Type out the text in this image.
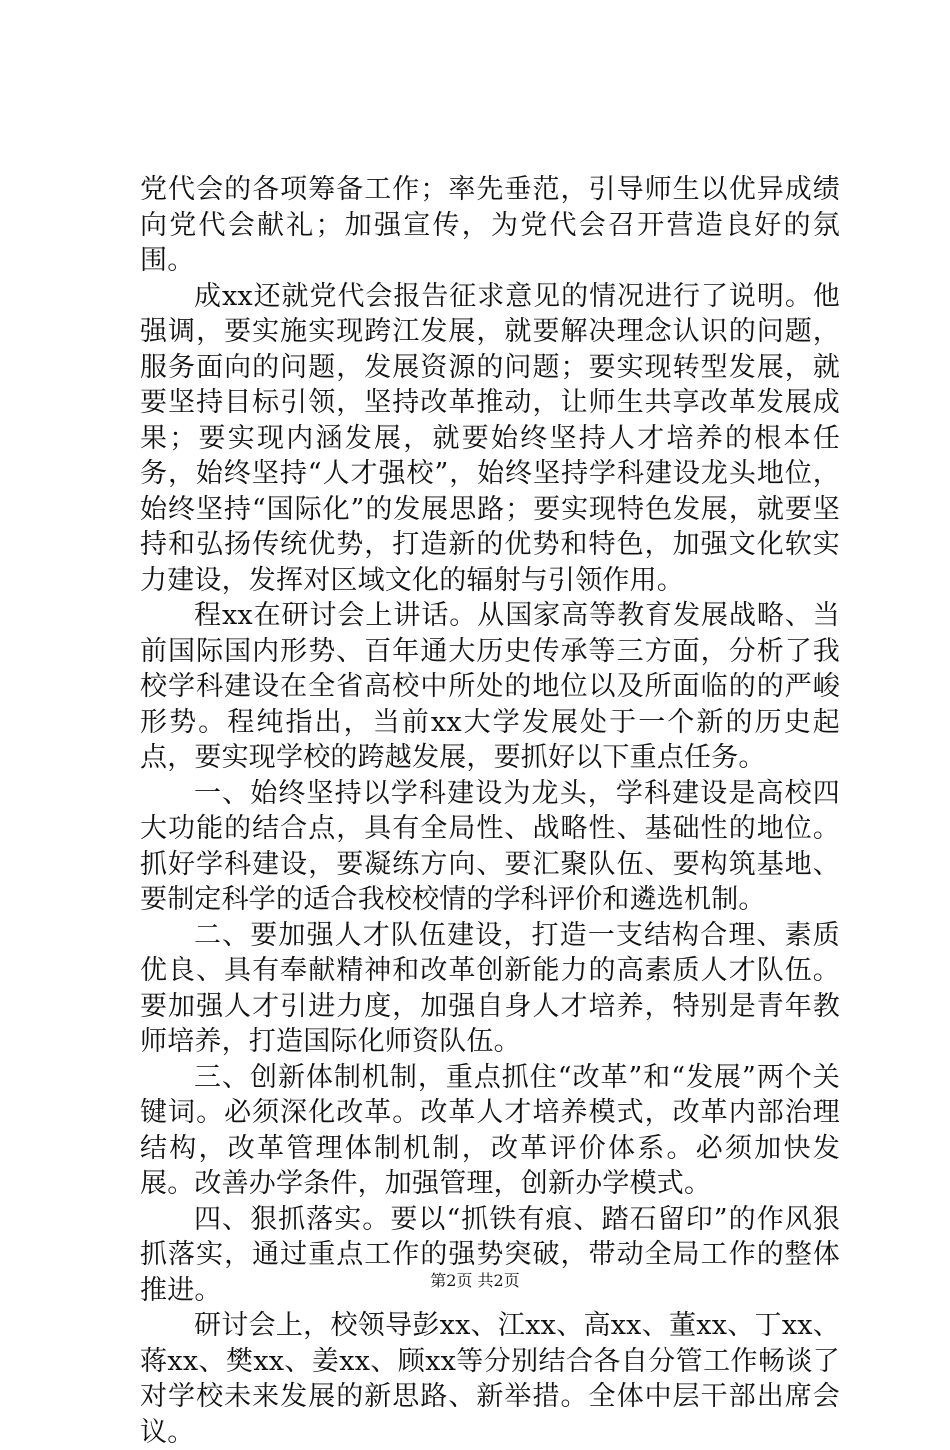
党代会的各项筹备工作；率先垂范，引导师生以优异成绩向党代会献礼；加强宣传，为党代会召开营造良好的氛围。

成xx还就党代会报告征求意见的情况进行了说明。他强调，要实施实现跨江发展，就要解决理念认识的问题，服务面向的问题，发展资源的问题；要实现转型发展，就要坚持目标引领，坚持改革推动，让师生共享改革发展成果；要实现内涵发展，就要始终坚持人才培养的根本任务，始终坚持“人才强校”，始终坚持学科建设龙头地位，始终坚持“国际化”的发展思路；要实现特色发展，就要坚持和弘扬传统优势，打造新的优势和特色，加强文化软实力建设，发挥对区域文化的辐射与引领作用。

程xx在研讨会上讲话。从国家高等教育发展战略、当前国际国内形势、百年通大历史传承等三方面，分析了我校学科建设在全省高校中所处的地位以及所面临的的严峻形势。程纯指出，当前xx大学发展处于一个新的历史起点，要实现学校的跨越发展，要抓好以下重点任务。

一、始终坚持以学科建设为龙头，学科建设是高校四大功能的结合点，具有全局性、战略性、基础性的地位。抓好学科建设，要凝练方向、要汇聚队伍、要构筑基地、要制定科学的适合我校校情的学科评价和遴选机制。

二、要加强人才队伍建设，打造一支结构合理、素质优良、具有奉献精神和改革创新能力的高素质人才队伍。要加强人才引进力度，加强自身人才培养，特别是青年教师培养，打造国际化师资队伍。

三、创新体制机制，重点抓住“改革”和“发展”两个关键词。必须深化改革。改革人才培养模式，改革内部治理结构，改革管理体制机制，改革评价体系。必须加快发展。改善办学条件，加强管理，创新办学模式。

四、狠抓落实。要以“抓铁有痕、踏石留印”的作风狠抓落实，通过重点工作的强势突破，带动全局工作的整体推进。

研讨会上，校领导彭xx、江xx、高xx、董xx、丁xx、蒋xx、樊xx、姜xx、顾xx等分别结合各自分管工作畅谈了对学校未来发展的新思路、新举措。全体中层干部出席会议。

第2页 共2页
